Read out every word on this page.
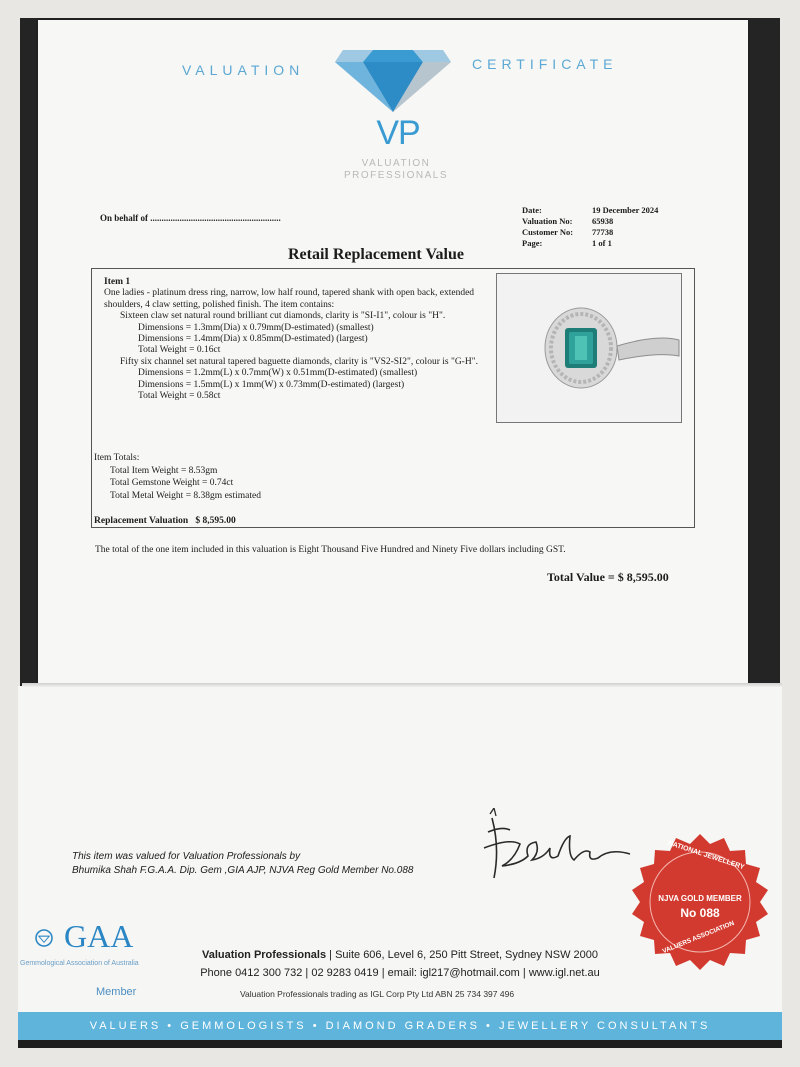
VALUATION	CERTIFICATE
VP
VALUATION
PROFESSIONALS
On behalf of ..........................................................
Date:	19 December 2024
Valuation No:	65938
Customer No:	77738
Page:	1 of 1
Retail Replacement Value
Item 1
One ladies - platinum dress ring, narrow, low half round, tapered shank with open back, extended shoulders, 4 claw setting, polished finish. The item contains:
Sixteen claw set natural round brilliant cut diamonds, clarity is "SI-I1", colour is "H".
Dimensions = 1.3mm(Dia) x 0.79mm(D-estimated) (smallest)
Dimensions = 1.4mm(Dia) x 0.85mm(D-estimated) (largest)
Total Weight = 0.16ct
Fifty six channel set natural tapered baguette diamonds, clarity is "VS2-SI2", colour is "G-H".
Dimensions = 1.2mm(L) x 0.7mm(W) x 0.51mm(D-estimated) (smallest)
Dimensions = 1.5mm(L) x 1mm(W) x 0.73mm(D-estimated) (largest)
Total Weight = 0.58ct
Item Totals:
Total Item Weight = 8.53gm
Total Gemstone Weight = 0.74ct
Total Metal Weight = 8.38gm estimated
Replacement Valuation   $ 8,595.00
The total of the one item included in this valuation is Eight Thousand Five Hundred and Ninety Five dollars including GST.
Total Value = $ 8,595.00
This item was valued for Valuation Professionals by
Bhumika Shah F.G.A.A. Dip. Gem ,GIA AJP, NJVA Reg Gold Member No.088	NATIONAL JEWELLERY
NJVA GOLD MEMBER
No 088
VALUERS ASSOCIATION
GAA
Gemmological Association of Australia
Member
Valuation Professionals | Suite 606, Level 6, 250 Pitt Street, Sydney NSW 2000
Phone 0412 300 732 | 02 9283 0419 | email: igl217@hotmail.com | www.igl.net.au
Valuation Professionals trading as IGL Corp Pty Ltd ABN 25 734 397 496
VALUERS • GEMMOLOGISTS • DIAMOND GRADERS • JEWELLERY CONSULTANTS
